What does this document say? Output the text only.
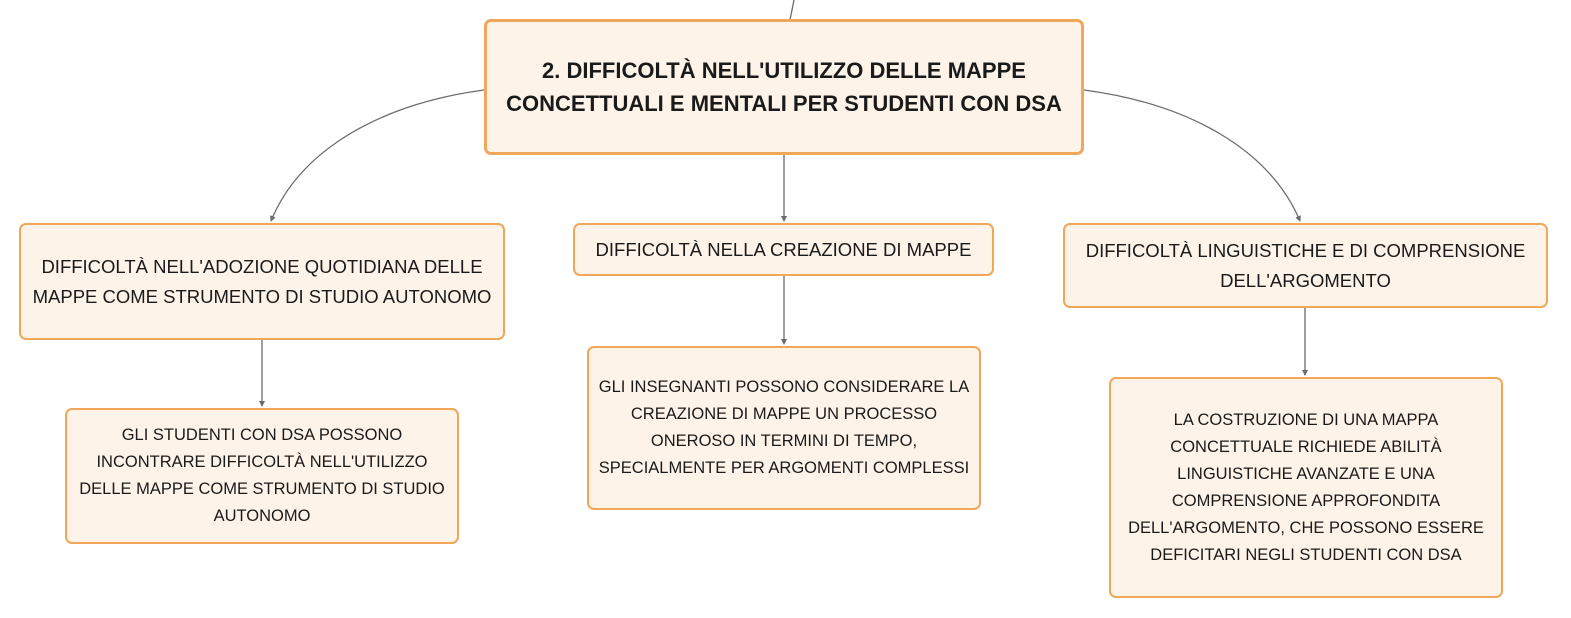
2. DIFFICOLTÀ NELL'UTILIZZO DELLE MAPPE CONCETTUALI E MENTALI PER STUDENTI CON DSA
DIFFICOLTÀ NELL'ADOZIONE QUOTIDIANA DELLE MAPPE COME STRUMENTO DI STUDIO AUTONOMO
DIFFICOLTÀ NELLA CREAZIONE DI MAPPE	DIFFICOLTÀ LINGUISTICHE E DI COMPRENSIONE DELL'ARGOMENTO
GLI STUDENTI CON DSA POSSONO INCONTRARE DIFFICOLTÀ NELL'UTILIZZO DELLE MAPPE COME STRUMENTO DI STUDIO AUTONOMO
GLI INSEGNANTI POSSONO CONSIDERARE LA CREAZIONE DI MAPPE UN PROCESSO ONEROSO IN TERMINI DI TEMPO, SPECIALMENTE PER ARGOMENTI COMPLESSI
LA COSTRUZIONE DI UNA MAPPA CONCETTUALE RICHIEDE ABILITÀ LINGUISTICHE AVANZATE E UNA COMPRENSIONE APPROFONDITA DELL'ARGOMENTO, CHE POSSONO ESSERE DEFICITARI NEGLI STUDENTI CON DSA
